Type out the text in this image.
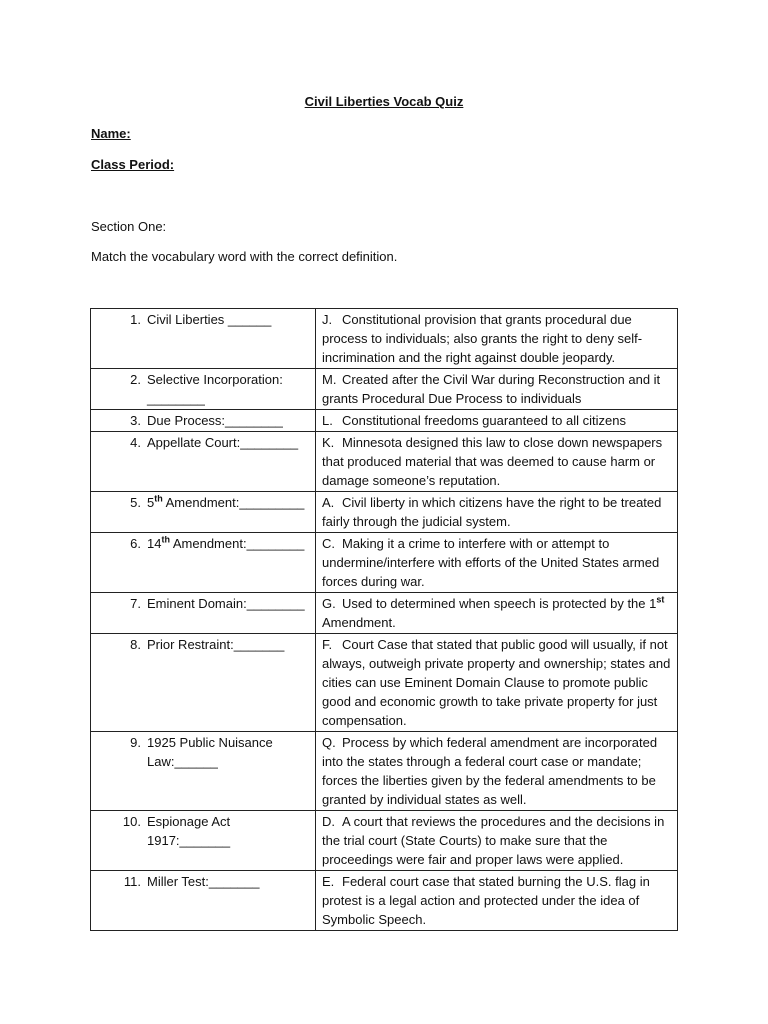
Civil Liberties Vocab Quiz
Name:
Class Period:
Section One:
Match the vocabulary word with the correct definition.
1. Civil Liberties ______	J. Constitutional provision that grants procedural due process to individuals; also grants the right to deny self-incrimination and the right against double jeopardy.

2. Selective Incorporation: ________	M. Created after the Civil War during Reconstruction and it grants Procedural Due Process to individuals

3. Due Process:________	L. Constitutional freedoms guaranteed to all citizens

4. Appellate Court:________	K. Minnesota designed this law to close down newspapers that produced material that was deemed to cause harm or damage someone’s reputation.

5. 5th Amendment:_________	A. Civil liberty in which citizens have the right to be treated fairly through the judicial system.

6. 14th Amendment:________	C. Making it a crime to interfere with or attempt to undermine/interfere with efforts of the United States armed forces during war.

7. Eminent Domain:________	G. Used to determined when speech is protected by the 1st Amendment.

8. Prior Restraint:_______	F. Court Case that stated that public good will usually, if not always, outweigh private property and ownership; states and cities can use Eminent Domain Clause to promote public good and economic growth to take private property for just compensation.

9. 1925 Public Nuisance Law:______	Q. Process by which federal amendment are incorporated into the states through a federal court case or mandate; forces the liberties given by the federal amendments to be granted by individual states as well.

10. Espionage Act 1917:_______	D. A court that reviews the procedures and the decisions in the trial court (State Courts) to make sure that the proceedings were fair and proper laws were applied.

11. Miller Test:_______	E. Federal court case that stated burning the U.S. flag in protest is a legal action and protected under the idea of Symbolic Speech.
